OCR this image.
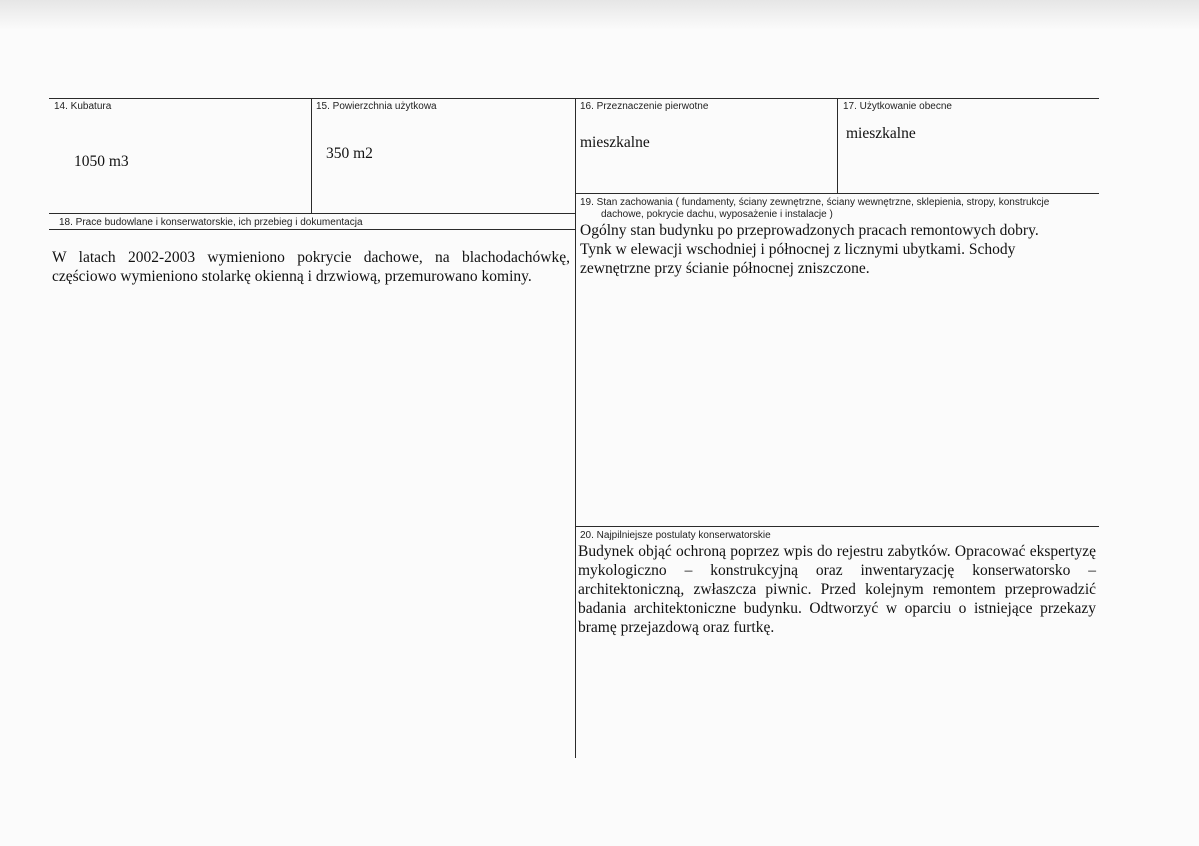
14. Kubatura
1050 m3
15. Powierzchnia użytkowa
350 m2
16. Przeznaczenie pierwotne
mieszkalne
17. Użytkowanie obecne
mieszkalne
18. Prace budowlane i konserwatorskie, ich przebieg i dokumentacja
W latach 2002-2003 wymieniono pokrycie dachowe, na blachodachówkę, częściowo wymieniono stolarkę okienną i drzwiową, przemurowano kominy.
19. Stan zachowania ( fundamenty, ściany zewnętrzne, ściany wewnętrzne, sklepienia, stropy, konstrukcje
dachowe, pokrycie dachu, wyposażenie i instalacje )
Ogólny stan budynku po przeprowadzonych pracach remontowych dobry.
Tynk w elewacji wschodniej i północnej z licznymi ubytkami. Schody zewnętrzne przy ścianie północnej zniszczone.
20. Najpilniejsze postulaty konserwatorskie
Budynek objąć ochroną poprzez wpis do rejestru zabytków. Opracować ekspertyzę mykologiczno – konstrukcyjną oraz inwentaryzację konserwatorsko – architektoniczną, zwłaszcza piwnic. Przed kolejnym remontem przeprowadzić badania architektoniczne budynku. Odtworzyć w oparciu o istniejące przekazy bramę przejazdową oraz furtkę.
